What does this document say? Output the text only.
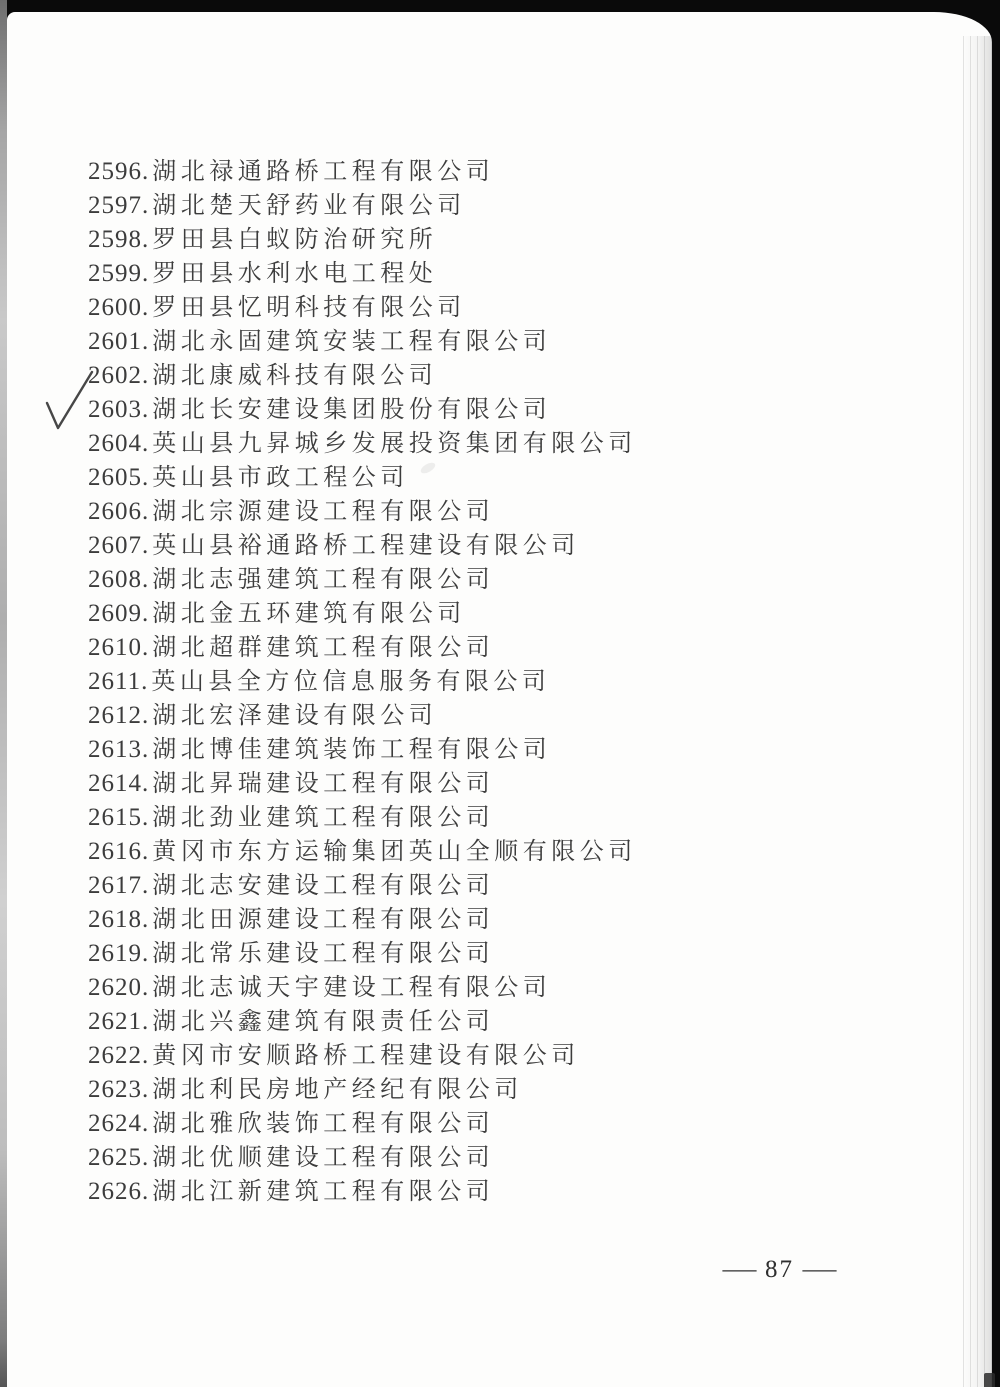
2596. 湖北禄通路桥工程有限公司
2597. 湖北楚天舒药业有限公司
2598. 罗田县白蚁防治研究所
2599. 罗田县水利水电工程处
2600. 罗田县忆明科技有限公司
2601. 湖北永固建筑安装工程有限公司
2602. 湖北康威科技有限公司
2603. 湖北长安建设集团股份有限公司
2604. 英山县九昇城乡发展投资集团有限公司
2605. 英山县市政工程公司
2606. 湖北宗源建设工程有限公司
2607. 英山县裕通路桥工程建设有限公司
2608. 湖北志强建筑工程有限公司
2609. 湖北金五环建筑有限公司
2610. 湖北超群建筑工程有限公司
2611. 英山县全方位信息服务有限公司
2612. 湖北宏泽建设有限公司
2613. 湖北博佳建筑装饰工程有限公司
2614. 湖北昇瑞建设工程有限公司
2615. 湖北劲业建筑工程有限公司
2616. 黄冈市东方运输集团英山全顺有限公司
2617. 湖北志安建设工程有限公司
2618. 湖北田源建设工程有限公司
2619. 湖北常乐建设工程有限公司
2620. 湖北志诚天宇建设工程有限公司
2621. 湖北兴鑫建筑有限责任公司
2622. 黄冈市安顺路桥工程建设有限公司
2623. 湖北利民房地产经纪有限公司
2624. 湖北雅欣装饰工程有限公司
2625. 湖北优顺建设工程有限公司
2626. 湖北江新建筑工程有限公司
— 87 —
